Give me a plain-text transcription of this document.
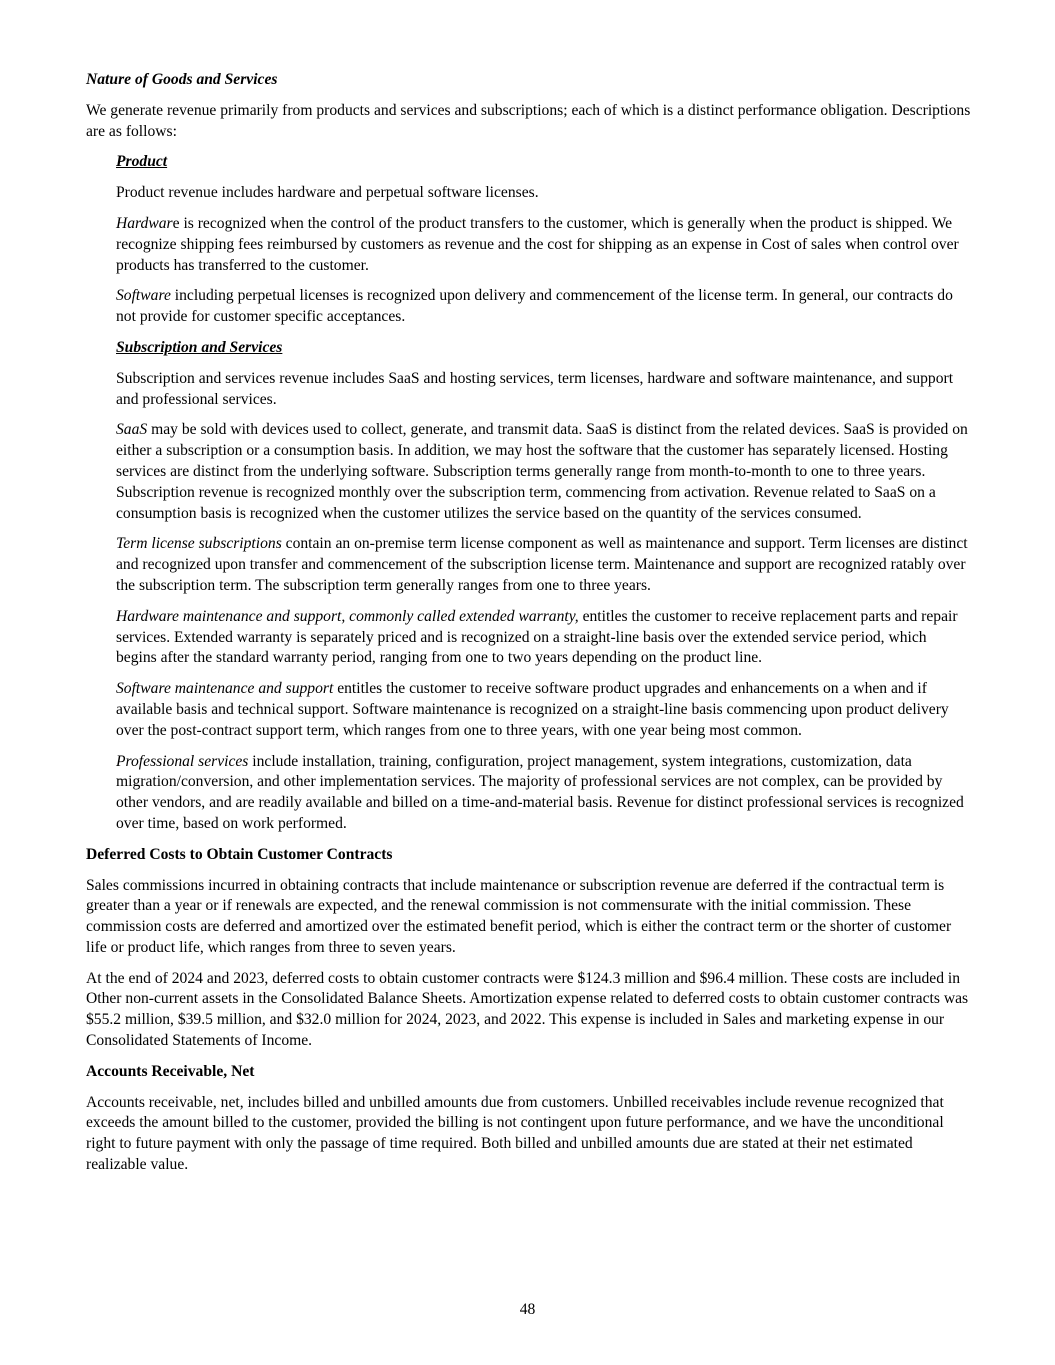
Nature of Goods and Services

We generate revenue primarily from products and services and subscriptions; each of which is a distinct performance obligation. Descriptions are as follows:

Product

Product revenue includes hardware and perpetual software licenses.

Hardware is recognized when the control of the product transfers to the customer, which is generally when the product is shipped. We recognize shipping fees reimbursed by customers as revenue and the cost for shipping as an expense in Cost of sales when control over products has transferred to the customer.

Software including perpetual licenses is recognized upon delivery and commencement of the license term. In general, our contracts do not provide for customer specific acceptances.

Subscription and Services

Subscription and services revenue includes SaaS and hosting services, term licenses, hardware and software maintenance, and support and professional services.

SaaS may be sold with devices used to collect, generate, and transmit data. SaaS is distinct from the related devices. SaaS is provided on either a subscription or a consumption basis. In addition, we may host the software that the customer has separately licensed. Hosting services are distinct from the underlying software. Subscription terms generally range from month-to-month to one to three years. Subscription revenue is recognized monthly over the subscription term, commencing from activation. Revenue related to SaaS on a consumption basis is recognized when the customer utilizes the service based on the quantity of the services consumed.

Term license subscriptions contain an on-premise term license component as well as maintenance and support. Term licenses are distinct and recognized upon transfer and commencement of the subscription license term. Maintenance and support are recognized ratably over the subscription term. The subscription term generally ranges from one to three years.

Hardware maintenance and support, commonly called extended warranty, entitles the customer to receive replacement parts and repair services. Extended warranty is separately priced and is recognized on a straight-line basis over the extended service period, which begins after the standard warranty period, ranging from one to two years depending on the product line.

Software maintenance and support entitles the customer to receive software product upgrades and enhancements on a when and if available basis and technical support. Software maintenance is recognized on a straight-line basis commencing upon product delivery over the post-contract support term, which ranges from one to three years, with one year being most common.

Professional services include installation, training, configuration, project management, system integrations, customization, data migration/conversion, and other implementation services. The majority of professional services are not complex, can be provided by other vendors, and are readily available and billed on a time-and-material basis. Revenue for distinct professional services is recognized over time, based on work performed.

Deferred Costs to Obtain Customer Contracts

Sales commissions incurred in obtaining contracts that include maintenance or subscription revenue are deferred if the contractual term is greater than a year or if renewals are expected, and the renewal commission is not commensurate with the initial commission. These commission costs are deferred and amortized over the estimated benefit period, which is either the contract term or the shorter of customer life or product life, which ranges from three to seven years.

At the end of 2024 and 2023, deferred costs to obtain customer contracts were $124.3 million and $96.4 million. These costs are included in Other non-current assets in the Consolidated Balance Sheets. Amortization expense related to deferred costs to obtain customer contracts was $55.2 million, $39.5 million, and $32.0 million for 2024, 2023, and 2022. This expense is included in Sales and marketing expense in our Consolidated Statements of Income.

Accounts Receivable, Net

Accounts receivable, net, includes billed and unbilled amounts due from customers. Unbilled receivables include revenue recognized that exceeds the amount billed to the customer, provided the billing is not contingent upon future performance, and we have the unconditional right to future payment with only the passage of time required. Both billed and unbilled amounts due are stated at their net estimated realizable value.

48
